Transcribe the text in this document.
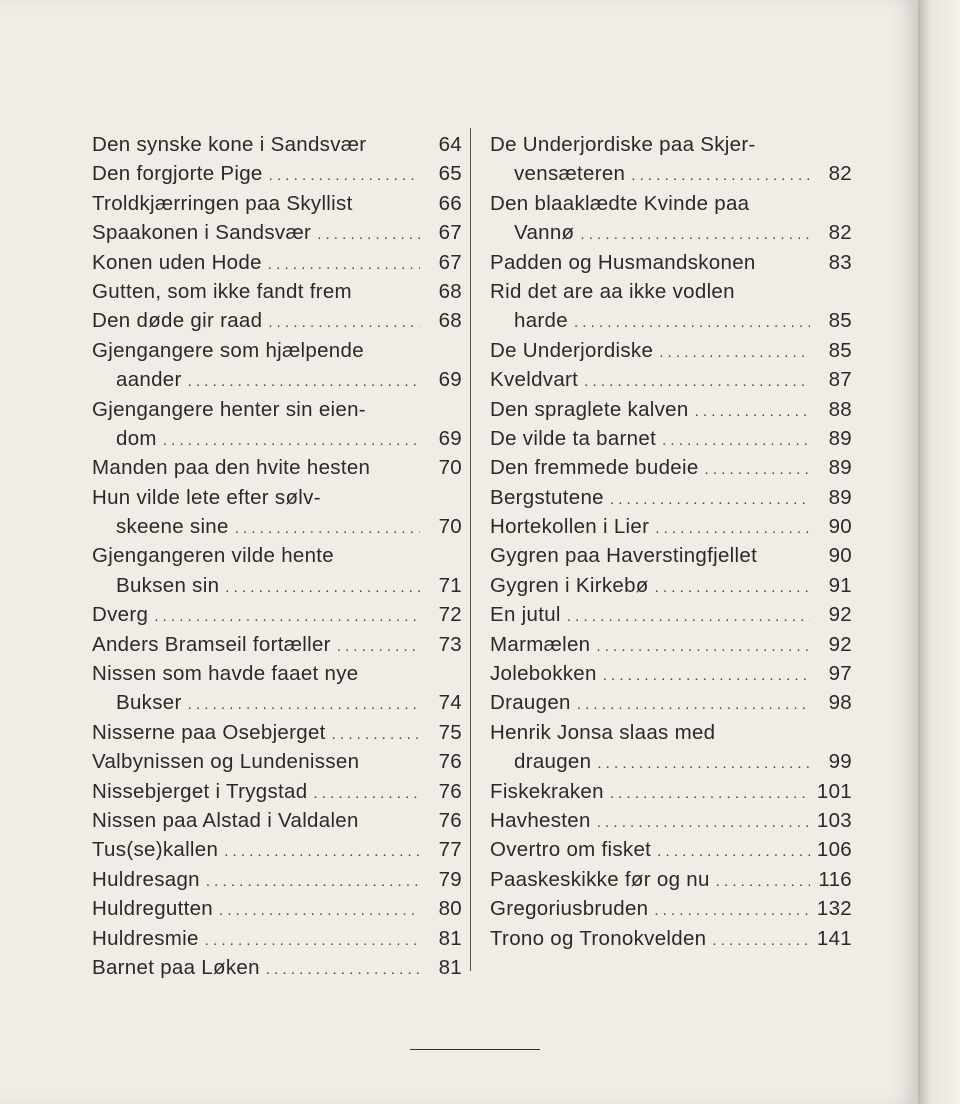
Den synske kone i Sandsvær	64
Den forgjorte Pige . . .	65
Troldkjærringen paa Skyllist	66
Spaakonen i Sandsvær . . .	67
Konen uden Hode . . .	67
Gutten, som ikke fandt frem	68
Den døde gir raad . . .	68
Gjengangere som hjælpende
aander . . .	69
Gjengangere henter sin eien-
dom . . .	69
Manden paa den hvite hesten	70
Hun vilde lete efter sølv-
skeene sine . . .	70
Gjengangeren vilde hente
Buksen sin . . .	71
Dverg . . .	72
Anders Bramseil fortæller . . .	73
Nissen som havde faaet nye
Bukser . . .	74
Nisserne paa Osebjerget . . .	75
Valbynissen og Lundenissen	76
Nissebjerget i Trygstad . . .	76
Nissen paa Alstad i Valdalen	76
Tus(se)kallen . . .	77
Huldresagn . . .	79
Huldregutten . . .	80
Huldresmie . . .	81
Barnet paa Løken . . .	81
De Underjordiske paa Skjer-
vensæteren . . .	82
Den blaaklædte Kvinde paa
Vannø . . .	82
Padden og Husmandskonen	83
Rid det are aa ikke vodlen
harde . . .	85
De Underjordiske . . .	85
Kveldvart . . .	87
Den spraglete kalven . . .	88
De vilde ta barnet . . .	89
Den fremmede budeie . . .	89
Bergstutene . . .	89
Hortekollen i Lier . . .	90
Gygren paa Haverstingfjellet	90
Gygren i Kirkebø . . .	91
En jutul . . .	92
Marmælen . . .	92
Jolebokken . . .	97
Draugen . . .	98
Henrik Jonsa slaas med
draugen . . .	99
Fiskekraken . . .	101
Havhesten . . .	103
Overtro om fisket . . .	106
Paaskeskikke før og nu . . .	116
Gregoriusbruden . . .	132
Trono og Tronokvelden . . .	141
